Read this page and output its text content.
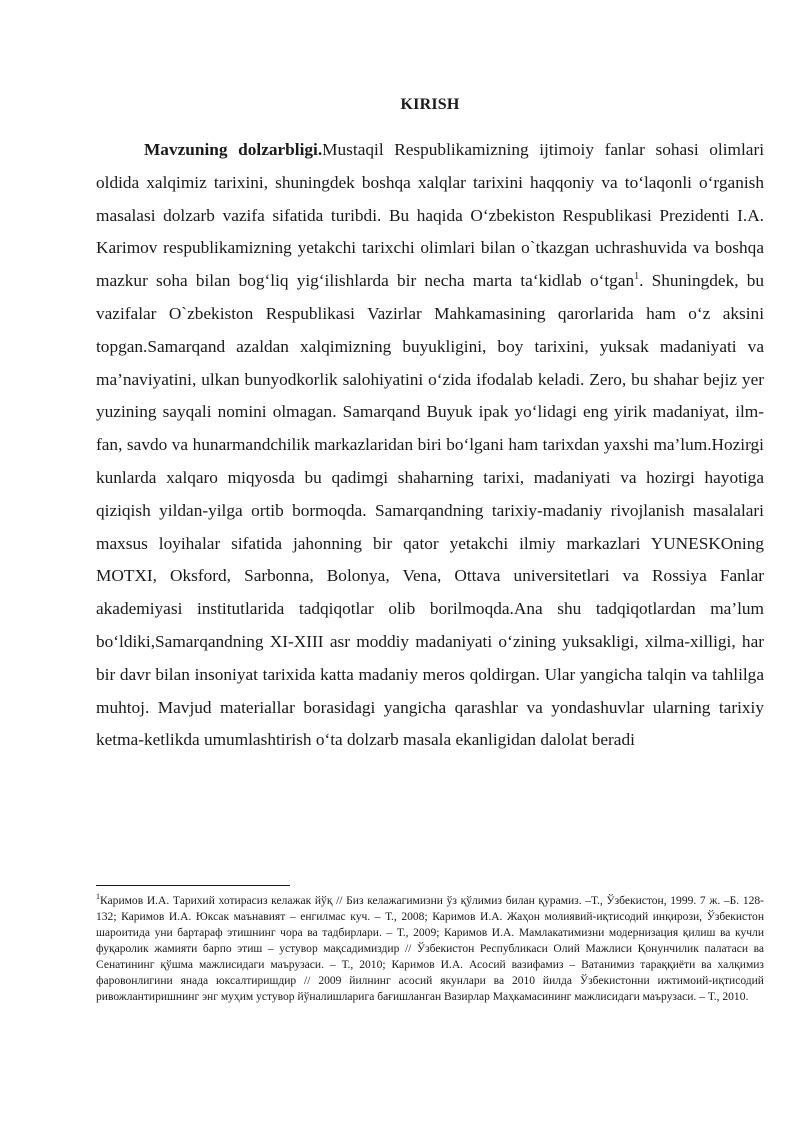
KIRISH

Mavzuning dolzarbligi.Mustaqil Respublikamizning ijtimoiy fanlar sohasi olimlari oldida xalqimiz tarixini, shuningdek boshqa xalqlar tarixini haqqoniy va to‘laqonli o‘rganish masalasi dolzarb vazifa sifatida turibdi. Bu haqida O‘zbekiston Respublikasi Prezidenti I.A. Karimov respublikamizning yetakchi tarixchi olimlari bilan o`tkazgan uchrashuvida va boshqa mazkur soha bilan bog‘liq yig‘ilishlarda bir necha marta ta‘kidlab o‘tgan$^1$. Shuningdek, bu vazifalar O`zbekiston Respublikasi Vazirlar Mahkamasining qarorlarida ham o‘z aksini topgan.Samarqand azaldan xalqimizning buyukligini, boy tarixini, yuksak madaniyati va ma’naviyatini, ulkan bunyodkorlik salohiyatini o‘zida ifodalab keladi. Zero, bu shahar bejiz yer yuzining sayqali nomini olmagan. Samarqand Buyuk ipak yo‘lidagi eng yirik madaniyat, ilm-fan, savdo va hunarmandchilik markazlaridan biri bo‘lgani ham tarixdan yaxshi ma’lum.Hozirgi kunlarda xalqaro miqyosda bu qadimgi shaharning tarixi, madaniyati va hozirgi hayotiga qiziqish yildan-yilga ortib bormoqda. Samarqandning tarixiy-madaniy rivojlanish masalalari maxsus loyihalar sifatida jahonning bir qator yetakchi ilmiy markazlari YUNESKOning MOTXI, Oksford, Sarbonna, Bolonya, Vena, Ottava universitetlari va Rossiya Fanlar akademiyasi institutlarida tadqiqotlar olib borilmoqda.Ana shu tadqiqotlardan ma’lum bo‘ldiki,Samarqandning XI-XIII asr moddiy madaniyati o‘zining yuksakligi, xilma-xilligi, har bir davr bilan insoniyat tarixida katta madaniy meros qoldirgan. Ular yangicha talqin va tahlilga muhtoj. Mavjud materiallar borasidagi yangicha qarashlar va yondashuvlar ularning tarixiy ketma-ketlikda umumlashtirish o‘ta dolzarb masala ekanligidan dalolat beradi

$^1$Каримов И.А. Тарихий хотирасиз келажак йўқ // Биз келажагимизни ўз қўлимиз билан қурамиз. –Т., Ўзбекистон, 1999. 7 ж. –Б. 128-132; Каримов И.А. Юксак маънавият – енгилмас куч. – Т., 2008; Каримов И.А. Жаҳон молиявий-иқтисодий инқирози, Ўзбекистон шароитида уни бартараф этишнинг чора ва тадбирлари. – Т., 2009; Каримов И.А. Мамлакатимизни модернизация қилиш ва кучли фуқаролик жамияти барпо этиш – устувор мақсадимиздир // Ўзбекистон Республикаси Олий Мажлиси Қонунчилик палатаси ва Сенатининг қўшма мажлисидаги маърузаси. – Т., 2010; Каримов И.А. Асосий вазифамиз – Ватанимиз тараққиёти ва халқимиз фаровонлигини янада юксалтиришдир // 2009 йилнинг асосий якунлари ва 2010 йилда Ўзбекистонни ижтимоий-иқтисодий ривожлантиришнинг энг муҳим устувор йўналишларига бағишланган Вазирлар Маҳкамасининг мажлисидаги маърузаси. – Т., 2010.
